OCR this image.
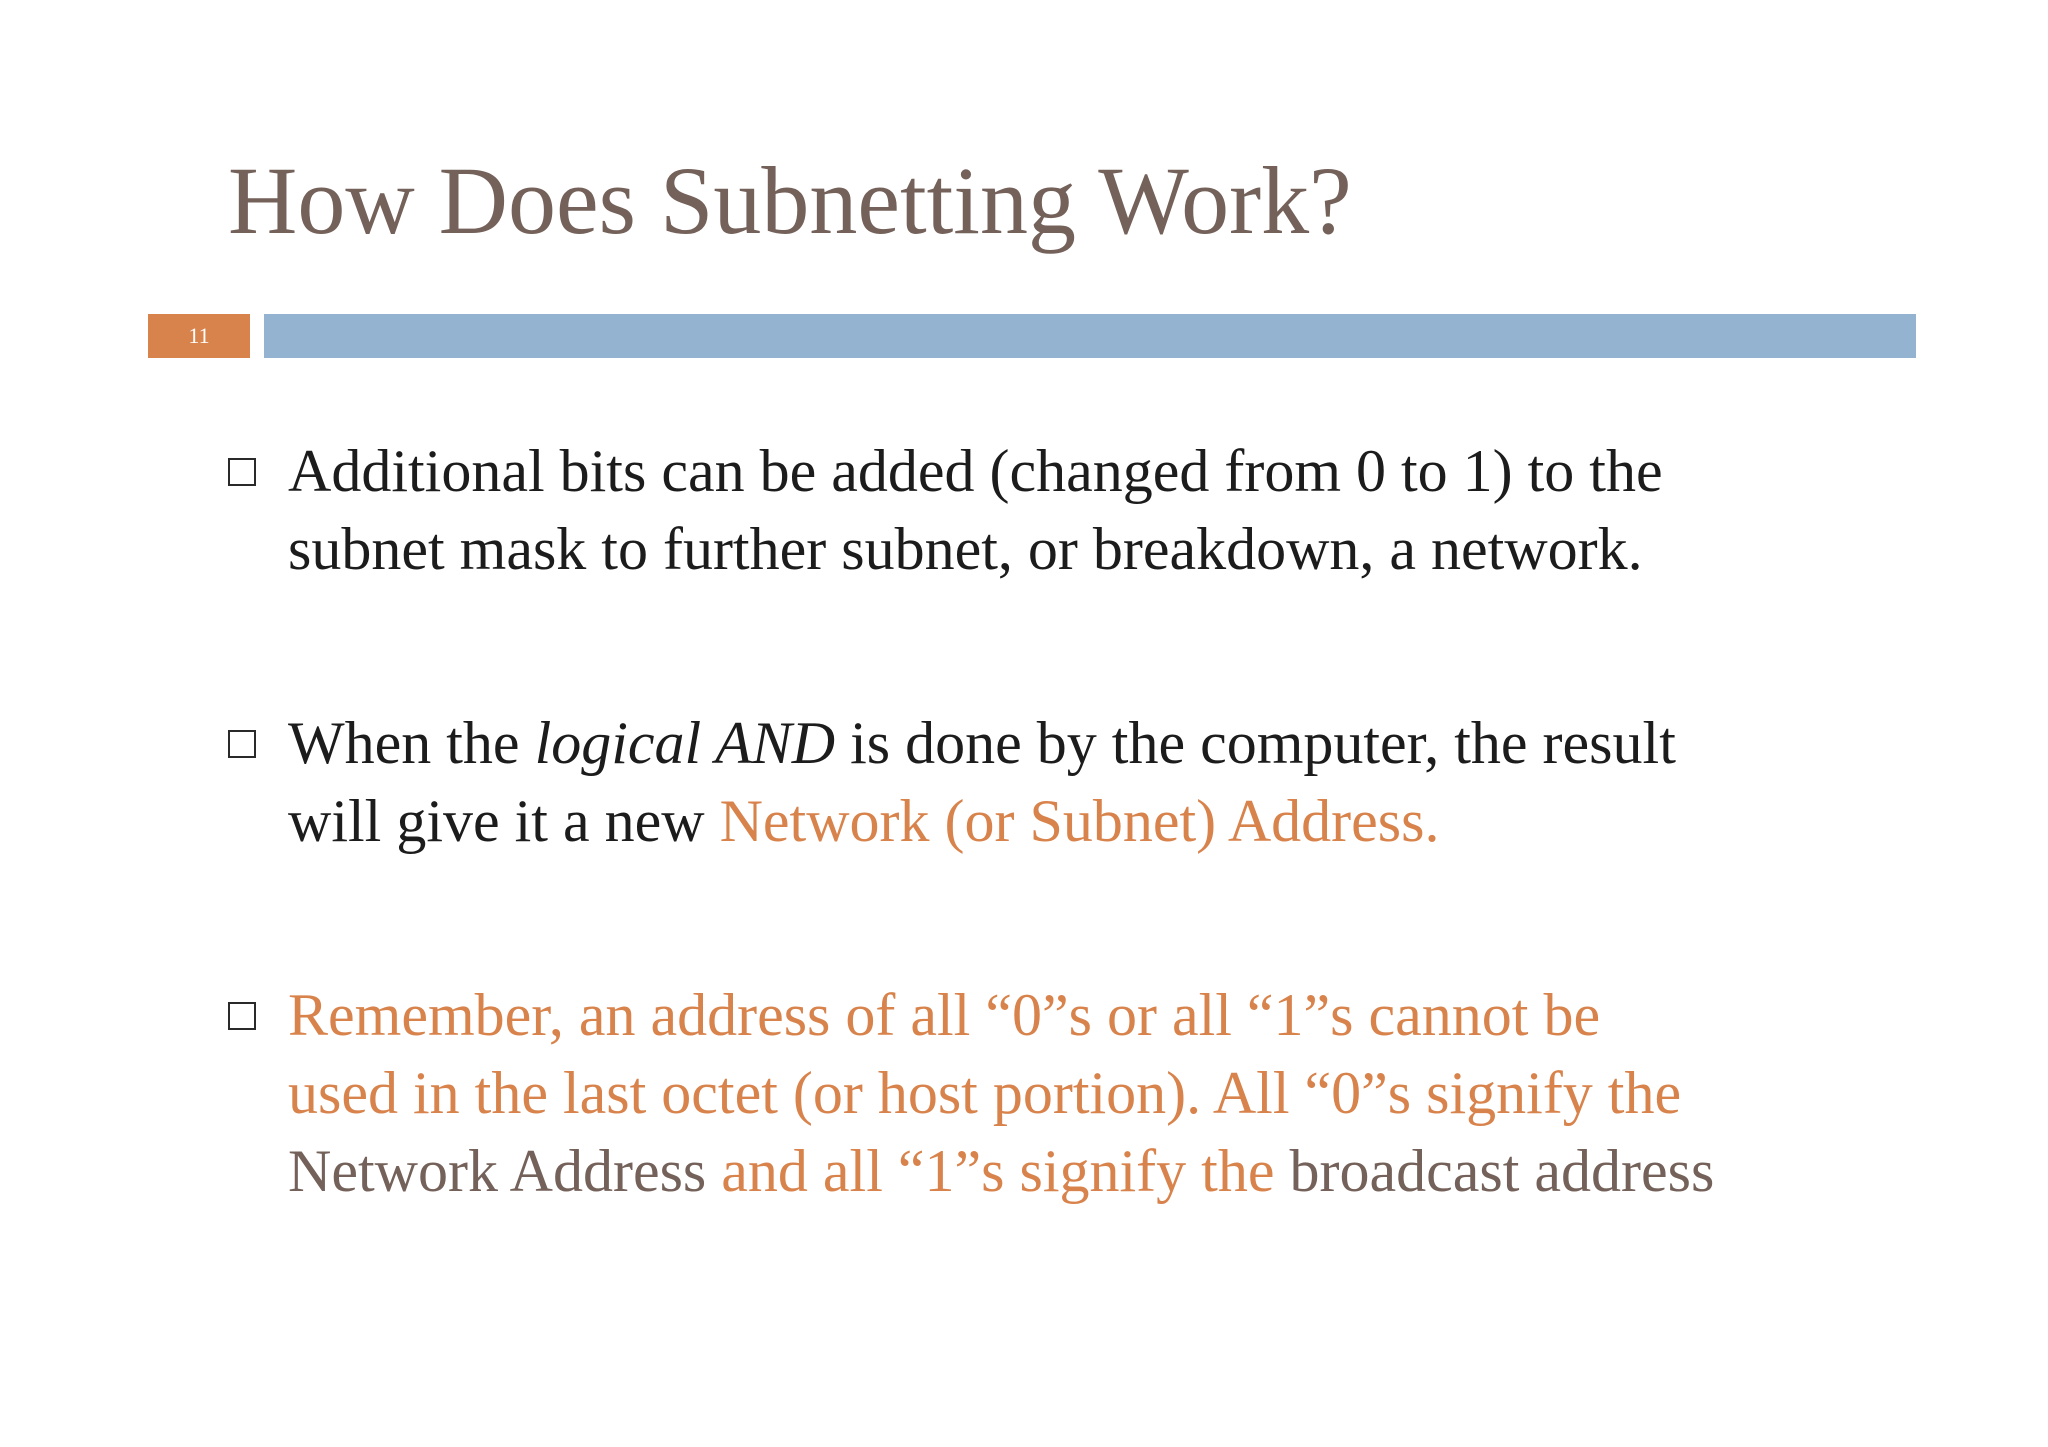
How Does Subnetting Work?
11

Additional bits can be added (changed from 0 to 1) to the
subnet mask to further subnet, or breakdown, a network.

When the logical AND is done by the computer, the result
will give it a new Network (or Subnet) Address.

Remember, an address of all “0”s or all “1”s cannot be
used in the last octet (or host portion). All “0”s signify the
Network Address and all “1”s signify the broadcast address
